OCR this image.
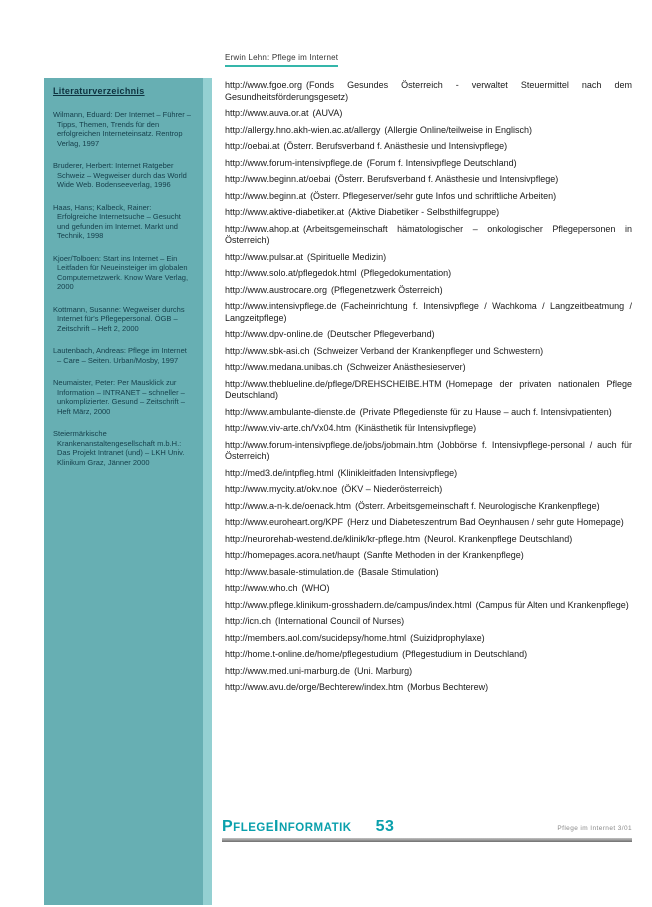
Erwin Lehn: Pflege im Internet
Literaturverzeichnis

Wilmann, Eduard: Der Internet – Führer – Tipps, Themen, Trends für den erfolgreichen Interneteinsatz. Rentrop Verlag, 1997

Bruderer, Herbert: Internet Ratgeber Schweiz – Wegweiser durch das World Wide Web. Bodenseeverlag, 1996

Haas, Hans; Kalbeck, Rainer: Erfolgreiche Internetsuche – Gesucht und gefunden im Internet. Markt und Technik, 1998

Kjoer/Tolboen: Start ins Internet – Ein Leitfaden für Neueinsteiger im globalen Computernetzwerk. Know Ware Verlag, 2000

Kottmann, Susanne: Wegweiser durchs Internet für's Pflegepersonal. ÖGB – Zeitschrift – Heft 2, 2000

Lautenbach, Andreas: Pflege im Internet – Care – Seiten. Urban/Mosby, 1997

Neumaister, Peter: Per Mausklick zur Information – INTRANET – schneller – unkomplizierter. Gesund – Zeitschrift – Heft März, 2000

Steiermärkische Krankenanstaltengesellschaft m.b.H.: Das Projekt Intranet (und) – LKH Univ. Klinikum Graz, Jänner 2000

http://www.fgoe.org (Fonds Gesundes Österreich - verwaltet Steuermittel nach dem Gesundheitsförderungsgesetz)

http://www.auva.or.at (AUVA)

http://allergy.hno.akh-wien.ac.at/allergy (Allergie Online/teilweise in Englisch)

http://oebai.at (Österr. Berufsverband f. Anästhesie und Intensivpflege)

http://www.forum-intensivpflege.de (Forum f. Intensivpflege Deutschland)

http://www.beginn.at/oebai (Österr. Berufsverband f. Anästhesie und Intensivpflege)

http://www.beginn.at (Österr. Pflegeserver/sehr gute Infos und schriftliche Arbeiten)

http://www.aktive-diabetiker.at (Aktive Diabetiker - Selbsthilfegruppe)

http://www.ahop.at (Arbeitsgemeinschaft hämatologischer – onkologischer Pflegepersonen in Österreich)

http://www.pulsar.at (Spirituelle Medizin)

http://www.solo.at/pflegedok.html (Pflegedokumentation)

http://www.austrocare.org (Pflegenetzwerk Österreich)

http://www.intensivpflege.de (Facheinrichtung f. Intensivpflege / Wachkoma / Langzeitbeatmung / Langzeitpflege)

http://www.dpv-online.de (Deutscher Pflegeverband)

http://www.sbk-asi.ch (Schweizer Verband der Krankenpfleger und Schwestern)

http://www.medana.unibas.ch (Schweizer Anästhesieserver)

http://www.theblueline.de/pflege/DREHSCHEIBE.HTM (Homepage der privaten nationalen Pflege Deutschland)

http://www.ambulante-dienste.de (Private Pflegedienste für zu Hause – auch f. Intensivpatienten)

http://www.viv-arte.ch/Vx04.htm (Kinästhetik für Intensivpflege)

http://www.forum-intensivpflege.de/jobs/jobmain.htm (Jobbörse f. Intensivpflege-personal / auch für Österreich)

http://med3.de/intpfleg.html (Klinikleitfaden Intensivpflege)

http://www.mycity.at/okv.noe (ÖKV – Niederösterreich)

http://www.a-n-k.de/oenack.htm (Österr. Arbeitsgemeinschaft f. Neurologische Krankenpflege)

http://www.euroheart.org/KPF (Herz und Diabeteszentrum Bad Oeynhausen / sehr gute Homepage)

http://neurorehab-westend.de/klinik/kr-pflege.htm (Neurol. Krankenpflege Deutschland)

http://homepages.acora.net/haupt (Sanfte Methoden in der Krankenpflege)

http://www.basale-stimulation.de (Basale Stimulation)

http://www.who.ch (WHO)

http://www.pflege.klinikum-grosshadern.de/campus/index.html (Campus für Alten und Krankenpflege)

http://icn.ch (International Council of Nurses)

http://members.aol.com/sucidepsy/home.html (Suizidprophylaxe)

http://home.t-online.de/home/pflegestudium (Pflegestudium in Deutschland)

http://www.med.uni-marburg.de (Uni. Marburg)

http://www.avu.de/orge/Bechterew/index.htm (Morbus Bechterew)

PFLEGEINFORMATIK 53	Pflege im Internet 3/01
